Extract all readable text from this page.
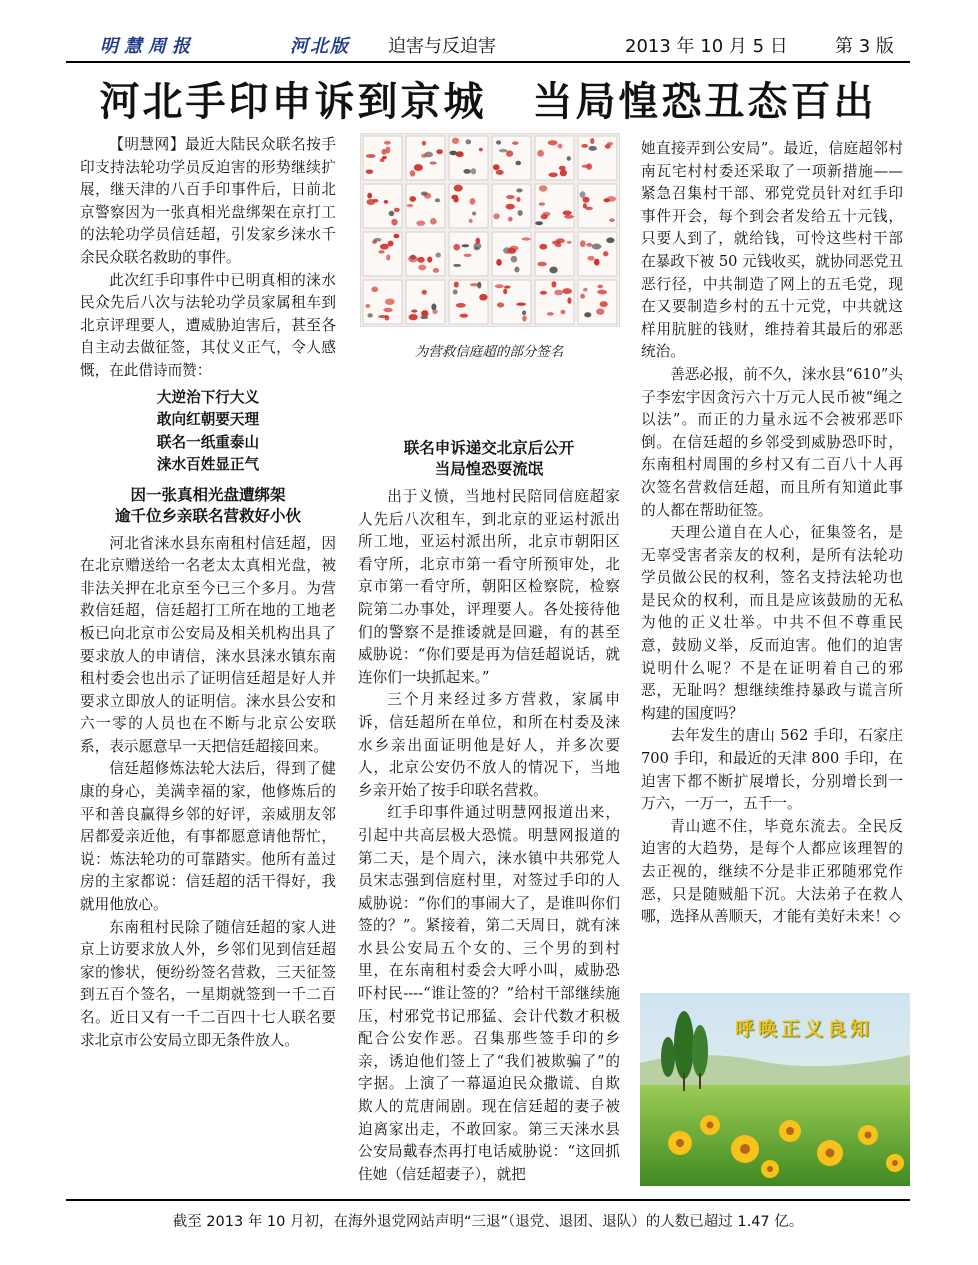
明慧周报	河北版 迫害与反迫害	2013 年 10 月 5 日	第 3 版
河北手印申诉到京城 当局惶恐丑态百出

【明慧网】最近大陆民众联名按手印支持法轮功学员反迫害的形势继续扩展，继天津的八百手印事件后，日前北京警察因为一张真相光盘绑架在京打工的法轮功学员信廷超，引发家乡涞水千余民众联名救助的事件。

此次红手印事件中已明真相的涞水民众先后八次与法轮功学员家属租车到北京评理要人，遭威胁迫害后，甚至各自主动去做征签，其仗义正气，令人感慨，在此借诗而赞：

大逆治下行大义
敢向红朝要天理
联名一纸重泰山
涞水百姓显正气
因一张真相光盘遭绑架
逾千位乡亲联名营救好小伙

河北省涞水县东南租村信廷超，因在北京赠送给一名老太太真相光盘，被非法关押在北京至今已三个多月。为营救信廷超，信廷超打工所在地的工地老板已向北京市公安局及相关机构出具了要求放人的申请信，涞水县涞水镇东南租村委会也出示了证明信廷超是好人并要求立即放人的证明信。涞水县公安和六一零的人员也在不断与北京公安联系，表示愿意早一天把信廷超接回来。

信廷超修炼法轮大法后，得到了健康的身心，美满幸福的家，他修炼后的平和善良赢得乡邻的好评，亲威朋友邻居都爱亲近他，有事都愿意请他帮忙，说：炼法轮功的可靠踏实。他所有盖过房的主家都说：信廷超的活干得好，我就用他放心。

东南租村民除了随信廷超的家人进京上访要求放人外，乡邻们见到信廷超家的惨状，便纷纷签名营救，三天征签到五百个签名，一星期就签到一千二百名。近日又有一千二百四十七人联名要求北京市公安局立即无条件放人。

为营救信庭超的部分签名
联名申诉递交北京后公开
当局惶恐耍流氓

出于义愤，当地村民陪同信庭超家人先后八次租车，到北京的亚运村派出所工地，亚运村派出所，北京市朝阳区看守所，北京市第一看守所预审处，北京市第一看守所，朝阳区检察院，检察院第二办事处，评理要人。各处接待他们的警察不是推诿就是回避，有的甚至威胁说：“你们要是再为信廷超说话，就连你们一块抓起来。”

三个月来经过多方营救，家属申诉，信廷超所在单位，和所在村委及涞水乡亲出面证明他是好人，并多次要人，北京公安仍不放人的情况下，当地乡亲开始了按手印联名营救。

红手印事件通过明慧网报道出来，引起中共高层极大恐慌。明慧网报道的第二天，是个周六，涞水镇中共邪党人员宋志强到信庭村里，对签过手印的人威胁说：“你们的事闹大了，是谁叫你们签的？”。紧接着，第二天周日，就有涞水县公安局五个女的、三个男的到村里，在东南租村委会大呼小叫，威胁恐吓村民----“谁让签的？”给村干部继续施压，村邪党书记邢猛、会计代数才积极配合公安作恶。召集那些签手印的乡亲，诱迫他们签上了“我们被欺骗了”的字据。上演了一幕逼迫民众撒谎、自欺欺人的荒唐闹剧。现在信廷超的妻子被迫离家出走，不敢回家。第三天涞水县公安局戴春杰再打电话威胁说：“这回抓住她（信廷超妻子），就把

她直接弄到公安局”。最近，信庭超邻村南瓦宅村村委还采取了一项新措施——紧急召集村干部、邪党党员针对红手印事件开会，每个到会者发给五十元钱，只要人到了，就给钱，可怜这些村干部在暴政下被 50 元钱收买，就协同恶党丑恶行径，中共制造了网上的五毛党，现在又要制造乡村的五十元党，中共就这样用肮脏的钱财，维持着其最后的邪恶统治。

善恶必报，前不久，涞水县“610”头子李宏宇因贪污六十万元人民币被“绳之以法”。而正的力量永远不会被邪恶吓倒。在信廷超的乡邻受到威胁恐吓时，东南租村周围的乡村又有二百八十人再次签名营救信廷超，而且所有知道此事的人都在帮助征签。

天理公道自在人心，征集签名，是无辜受害者亲友的权利，是所有法轮功学员做公民的权利，签名支持法轮功也是民众的权利，而且是应该鼓励的无私为他的正义壮举。中共不但不尊重民意，鼓励义举，反而迫害。他们的迫害说明什么呢？不是在证明着自己的邪恶，无耻吗？想继续维持暴政与谎言所构建的国度吗？

去年发生的唐山 562 手印，石家庄 700 手印，和最近的天津 800 手印，在迫害下都不断扩展增长，分别增长到一万六，一万一，五千一。

青山遮不住，毕竟东流去。全民反迫害的大趋势，是每个人都应该理智的去正视的，继续不分是非正邪随邪党作恶，只是随贼船下沉。大法弟子在救人哪，选择从善顺天，才能有美好未来！◇

呼唤正义良知
截至 2013 年 10 月初，在海外退党网站声明“三退”（退党、退团、退队）的人数已超过 1.47 亿。
